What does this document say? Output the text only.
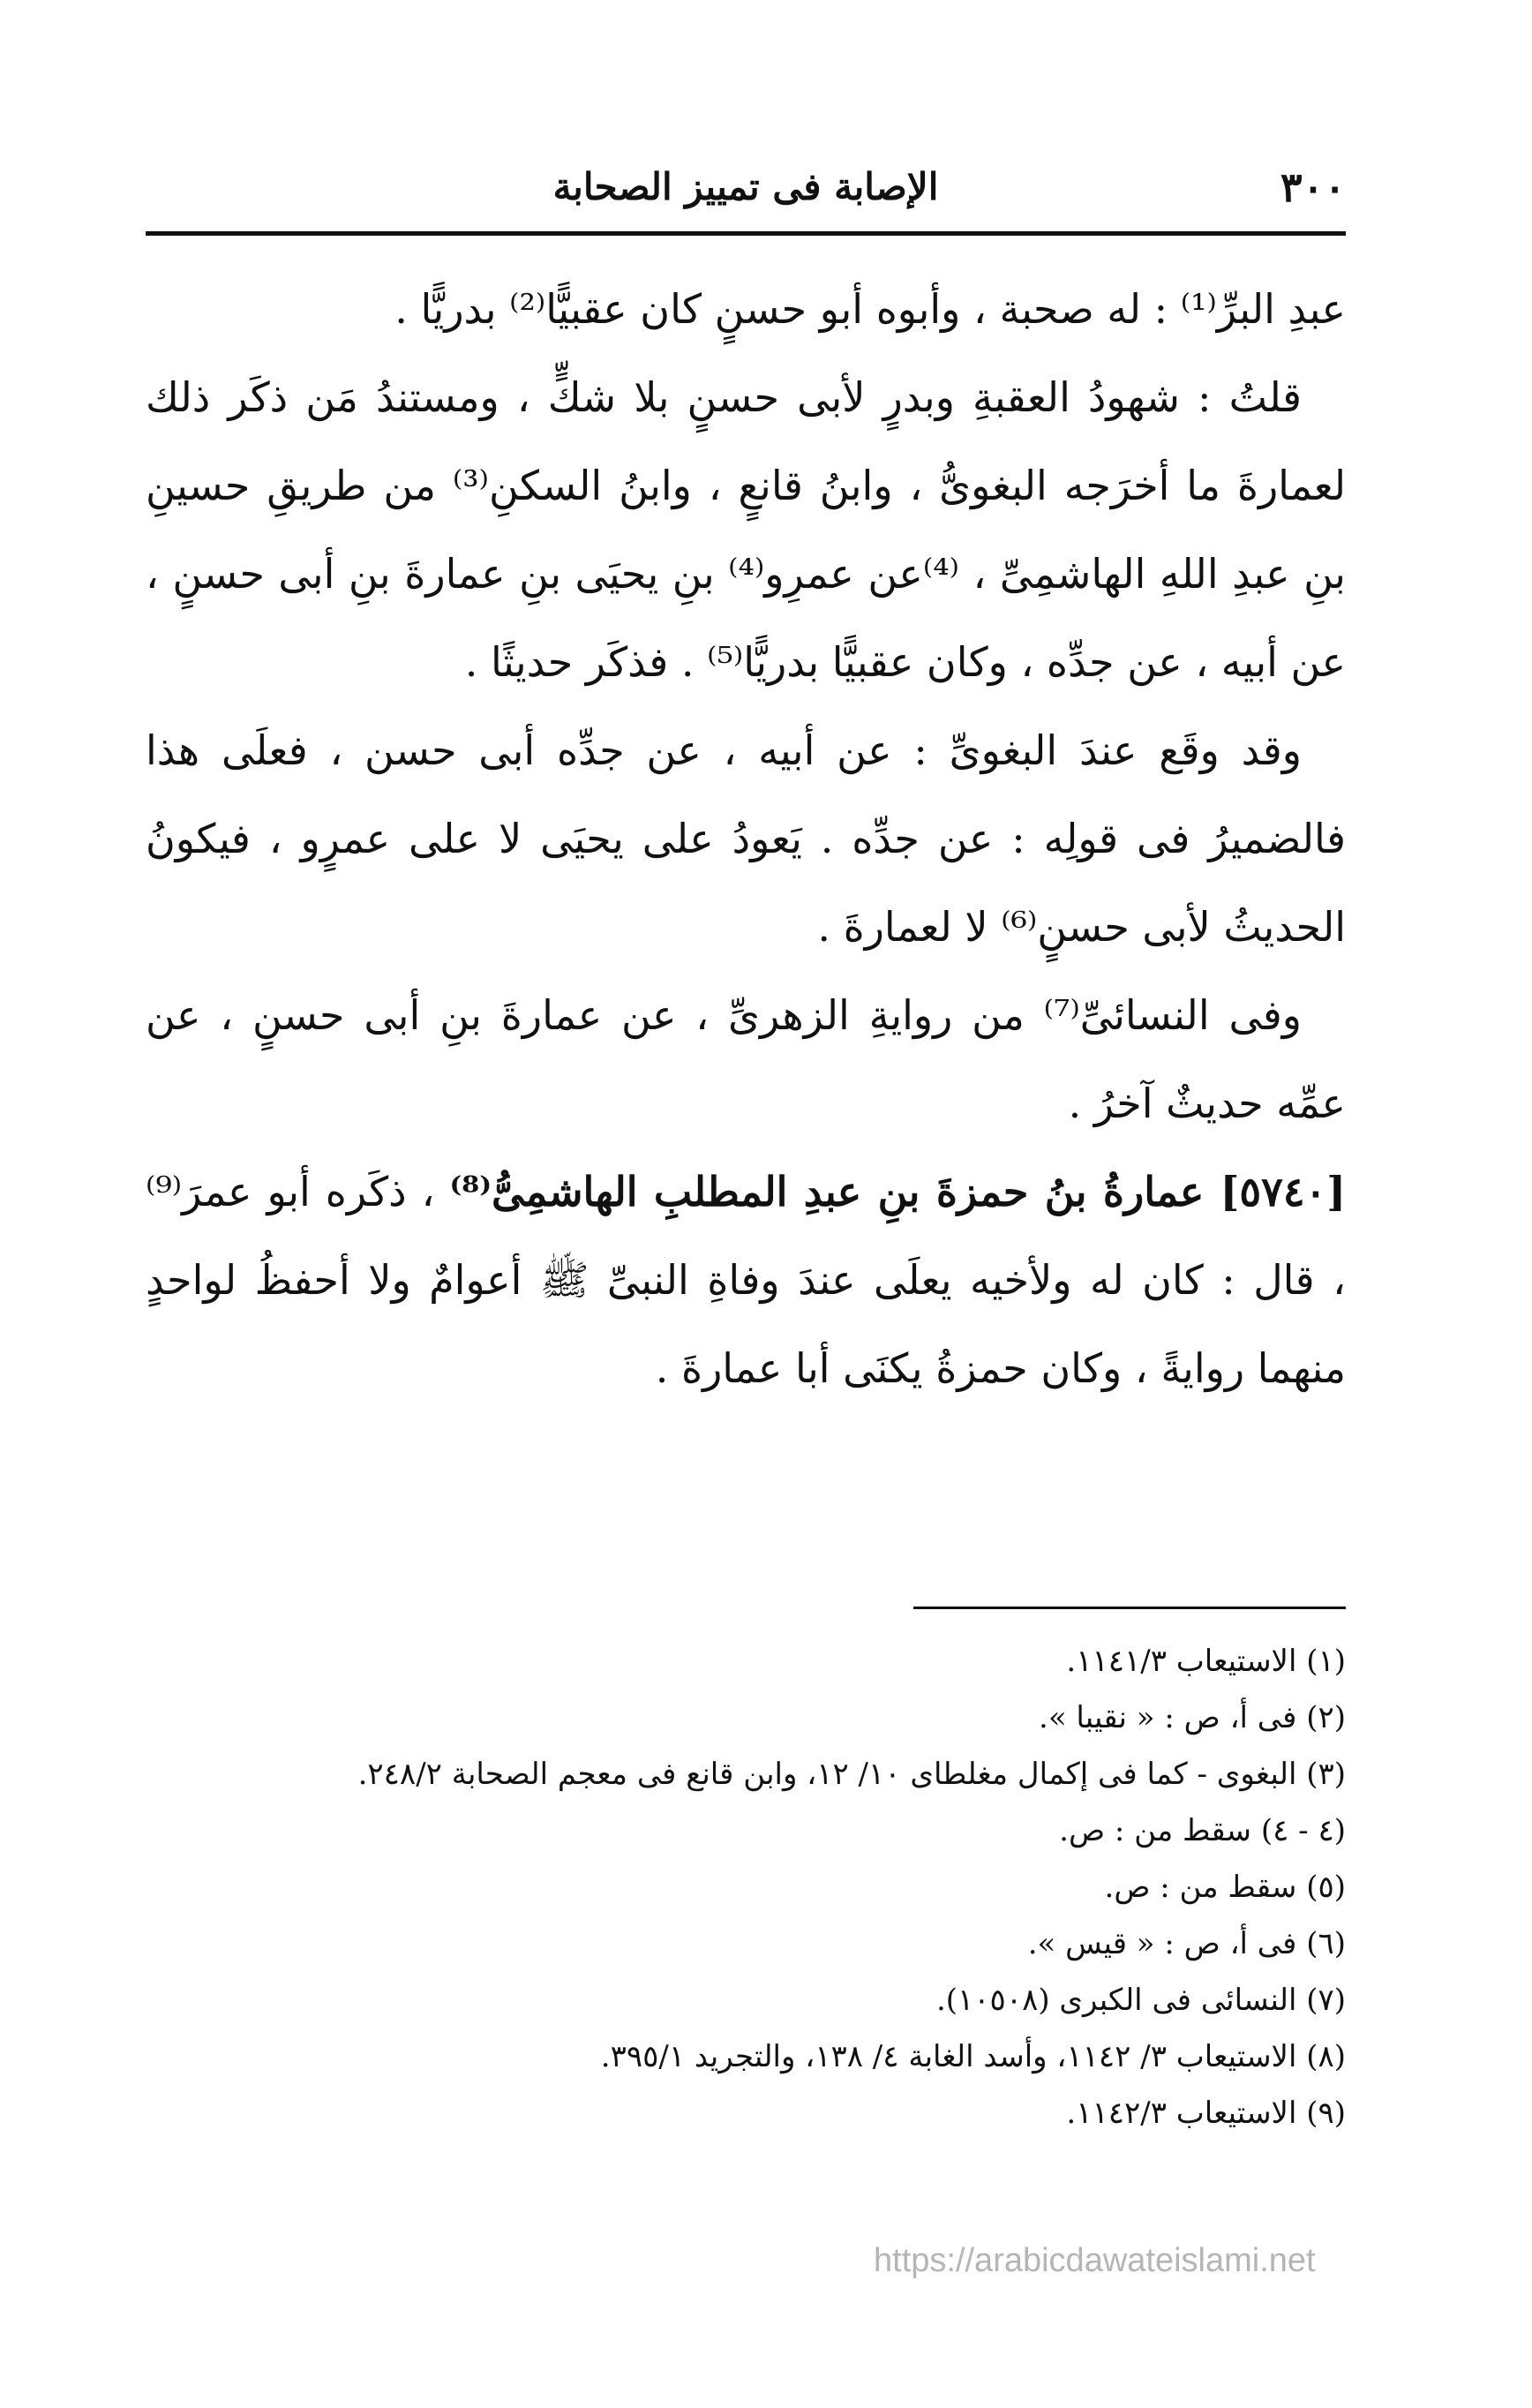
٣٠٠
الإصابة فى تمييز الصحابة

عبدِ البرِّ⁽¹⁾ : له صحبة ، وأبوه أبو حسنٍ كان عقبيًّا⁽²⁾ بدريًّا .

قلتُ : شهودُ العقبةِ وبدرٍ لأبى حسنٍ بلا شكٍّ ، ومستندُ مَن ذكَر ذلك لعمارةَ ما أخرَجه البغوىُّ ، وابنُ قانعٍ ، وابنُ السكنِ⁽³⁾ من طريقِ حسينِ بنِ عبدِ اللهِ الهاشمِىِّ ، ⁽⁴⁾عن عمرِو⁽⁴⁾ بنِ يحيَى بنِ عمارةَ بنِ أبى حسنٍ ، عن أبيه ، عن جدِّه ، وكان عقبيًّا بدريًّا⁽⁵⁾ . فذكَر حديثًا .

وقد وقَع عندَ البغوىِّ : عن أبيه ، عن جدِّه أبى حسن ، فعلَى هذا فالضميرُ فى قولِه : عن جدِّه . يَعودُ على يحيَى لا على عمرٍو ، فيكونُ الحديثُ لأبى حسنٍ⁽⁶⁾ لا لعمارةَ .

وفى النسائىِّ⁽⁷⁾ من روايةِ الزهرىِّ ، عن عمارةَ بنِ أبى حسنٍ ، عن عمِّه حديثٌ آخرُ .

[٥٧٤٠] عمارةُ بنُ حمزةَ بنِ عبدِ المطلبِ الهاشمِىُّ⁽⁸⁾ ، ذكَره أبو عمرَ⁽⁹⁾ ، قال : كان له ولأخيه يعلَى عندَ وفاةِ النبىِّ ﷺ أعوامٌ ولا أحفظُ لواحدٍ منهما روايةً ، وكان حمزةُ يكنَى أبا عمارةَ .

(١) الاستيعاب ١١٤١/٣.

(٢) فى أ، ص : « نقيبا ».

(٣) البغوى - كما فى إكمال مغلطاى ١٠/ ١٢، وابن قانع فى معجم الصحابة ٢٤٨/٢.

(٤ - ٤) سقط من : ص.

(٥) سقط من : ص.

(٦) فى أ، ص : « قيس ».

(٧) النسائى فى الكبرى (١٠٥٠٨).

(٨) الاستيعاب ٣/ ١١٤٢، وأسد الغابة ٤/ ١٣٨، والتجريد ٣٩٥/١.

(٩) الاستيعاب ١١٤٢/٣.

https://arabicdawateislami.net
